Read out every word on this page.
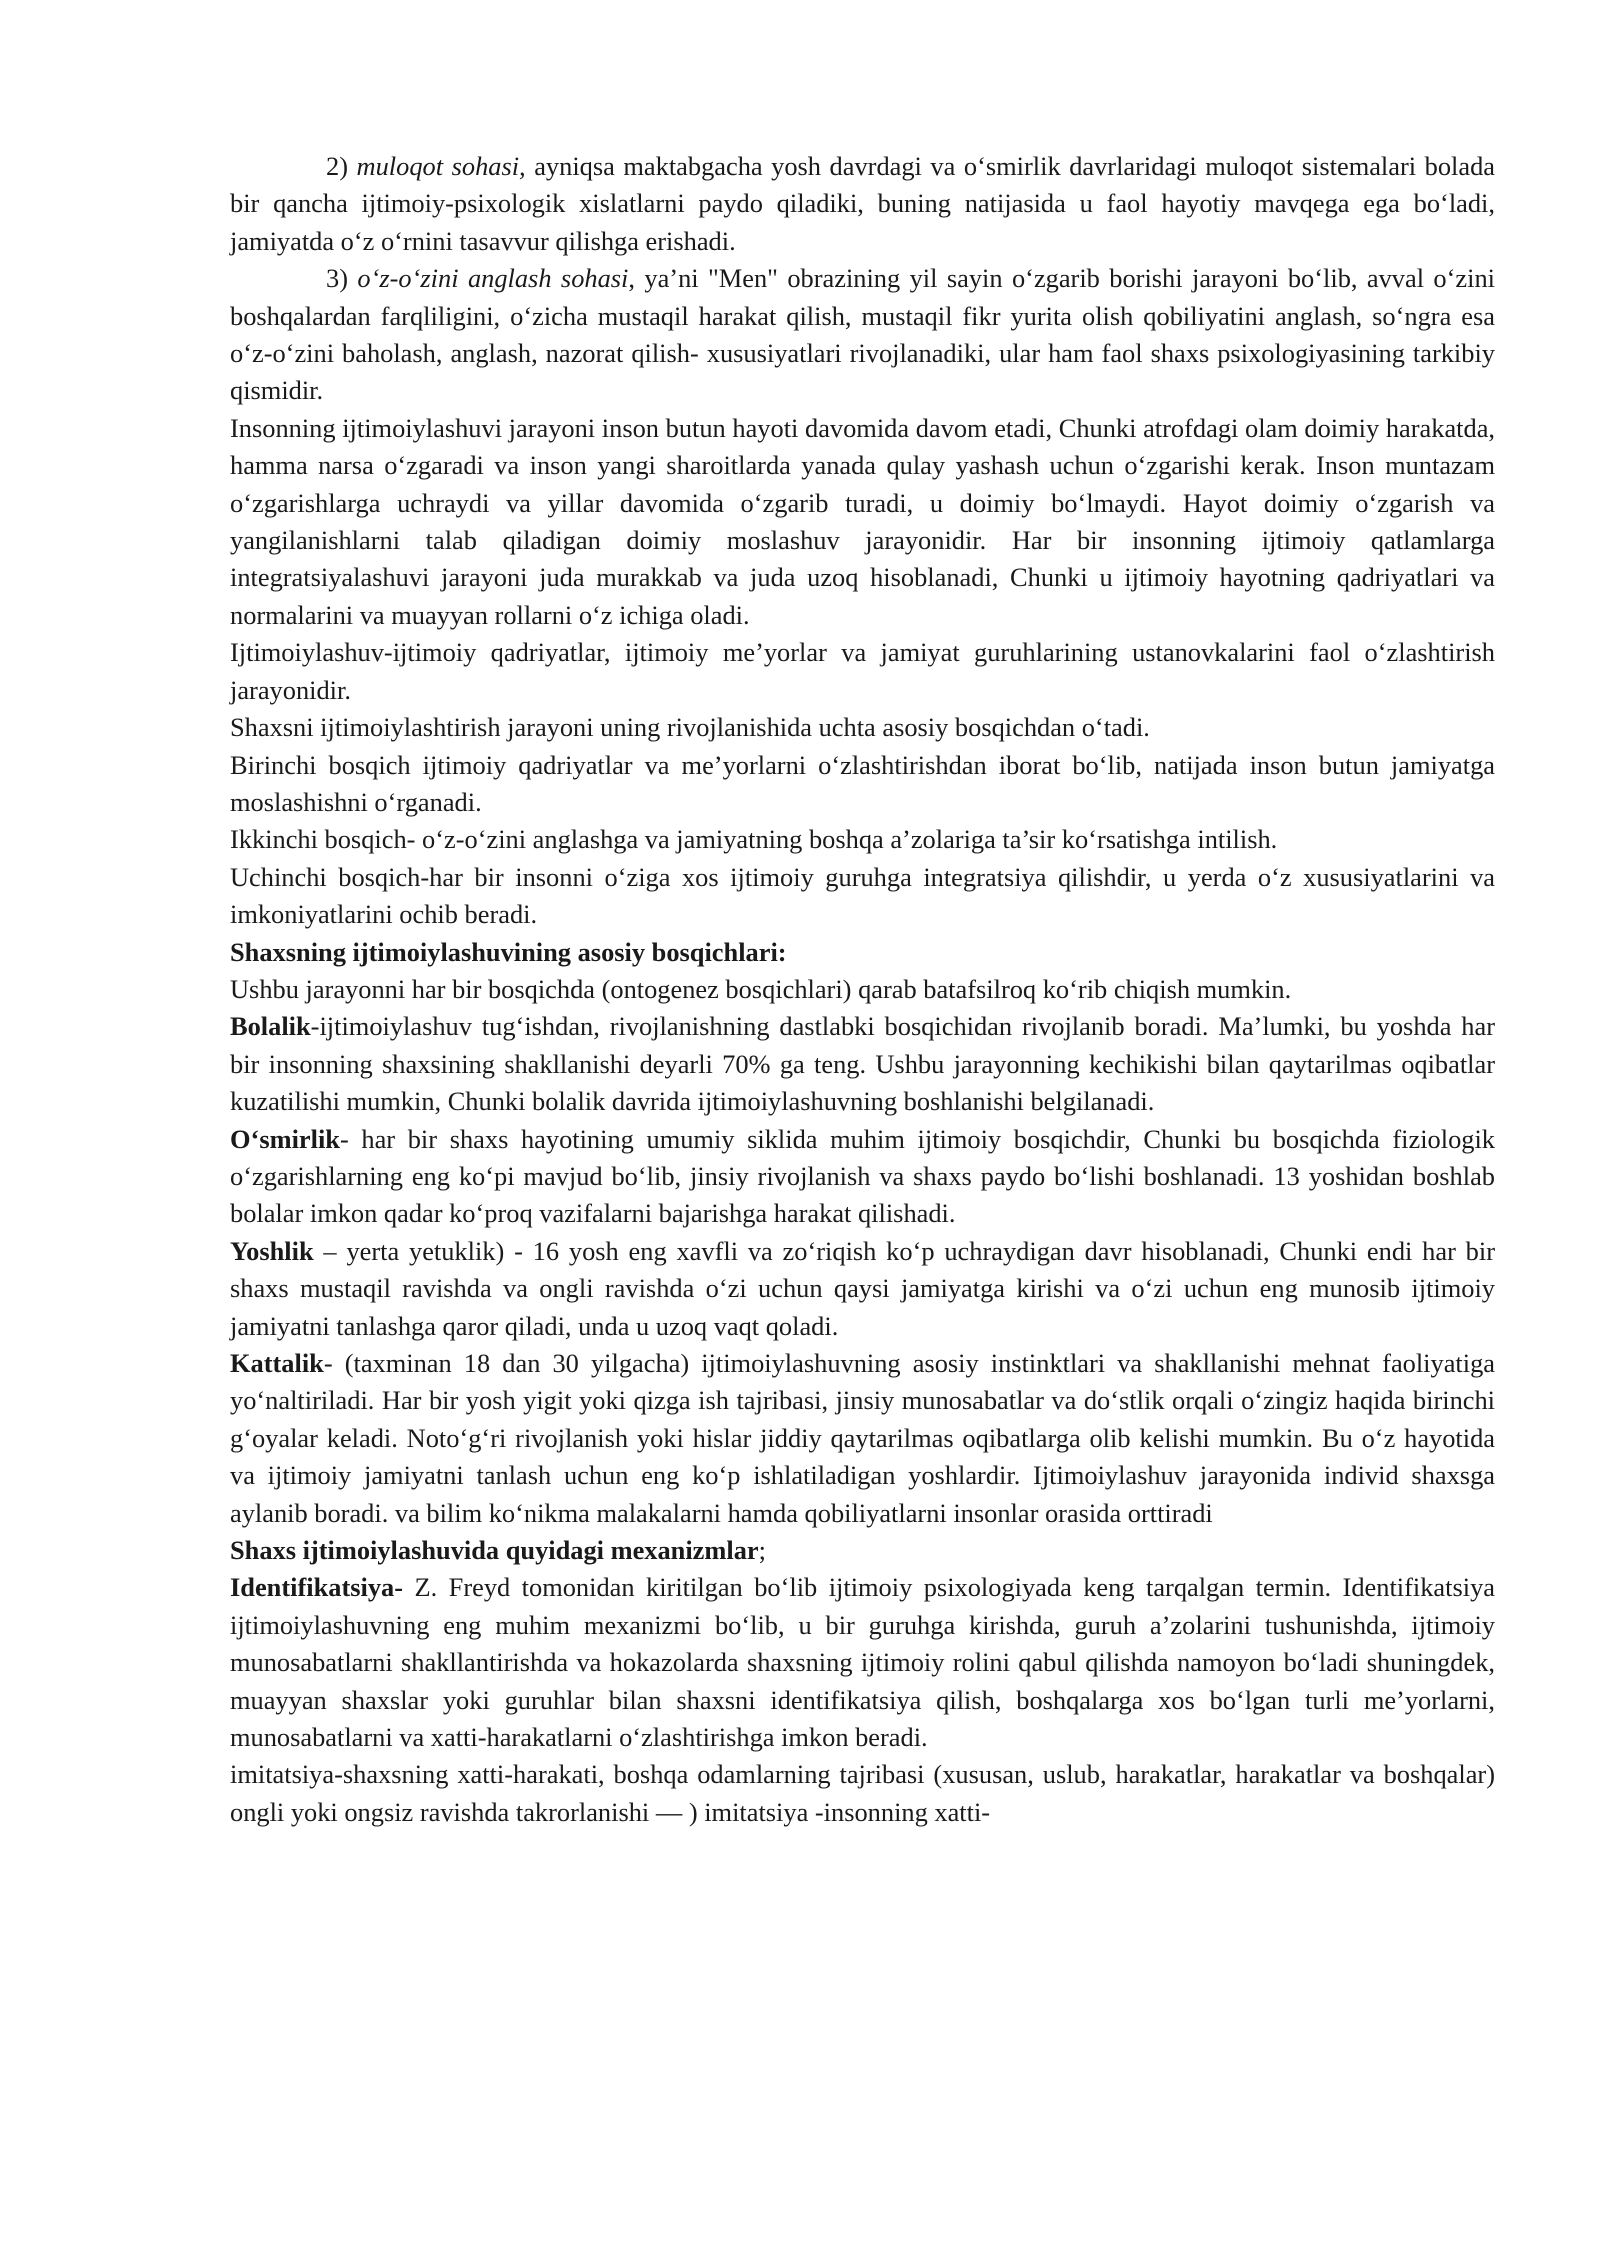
2) muloqot sohasi, ayniqsa maktabgacha yosh davrdagi va o‘smirlik davrlaridagi muloqot sistemalari bolada bir qancha ijtimoiy-psixologik xislatlarni paydo qiladiki, buning natijasida u faol hayotiy mavqega ega bo‘ladi, jamiyatda o‘z o‘rnini tasavvur qilishga erishadi.

3) o‘z-o‘zini anglash sohasi, ya’ni "Men" obrazining yil sayin o‘zgarib borishi jarayoni bo‘lib, avval o‘zini boshqalardan farqliligini, o‘zicha mustaqil harakat qilish, mustaqil fikr yurita olish qobiliyatini anglash, so‘ngra esa o‘z-o‘zini baholash, anglash, nazorat qilish- xususiyatlari rivojlanadiki, ular ham faol shaxs psixologiyasining tarkibiy qismidir.

Insonning ijtimoiylashuvi jarayoni inson butun hayoti davomida davom etadi, Chunki atrofdagi olam doimiy harakatda, hamma narsa o‘zgaradi va inson yangi sharoitlarda yanada qulay yashash uchun o‘zgarishi kerak. Inson muntazam o‘zgarishlarga uchraydi va yillar davomida o‘zgarib turadi, u doimiy bo‘lmaydi. Hayot doimiy o‘zgarish va yangilanishlarni talab qiladigan doimiy moslashuv jarayonidir. Har bir insonning ijtimoiy qatlamlarga integratsiyalashuvi jarayoni juda murakkab va juda uzoq hisoblanadi, Chunki u ijtimoiy hayotning qadriyatlari va normalarini va muayyan rollarni o‘z ichiga oladi.

Ijtimoiylashuv-ijtimoiy qadriyatlar, ijtimoiy me’yorlar va jamiyat guruhlarining ustanovkalarini faol o‘zlashtirish jarayonidir.

Shaxsni ijtimoiylashtirish jarayoni uning rivojlanishida uchta asosiy bosqichdan o‘tadi.

Birinchi bosqich ijtimoiy qadriyatlar va me’yorlarni o‘zlashtirishdan iborat bo‘lib, natijada inson butun jamiyatga moslashishni o‘rganadi.

Ikkinchi bosqich- o‘z-o‘zini anglashga va jamiyatning boshqa a’zolariga ta’sir ko‘rsatishga intilish.

Uchinchi bosqich-har bir insonni o‘ziga xos ijtimoiy guruhga integratsiya qilishdir, u yerda o‘z xususiyatlarini va imkoniyatlarini ochib beradi.

Shaxsning ijtimoiylashuvining asosiy bosqichlari:

Ushbu jarayonni har bir bosqichda (ontogenez bosqichlari) qarab batafsilroq ko‘rib chiqish mumkin.

Bolalik-ijtimoiylashuv tug‘ishdan, rivojlanishning dastlabki bosqichidan rivojlanib boradi. Ma’lumki, bu yoshda har bir insonning shaxsining shakllanishi deyarli 70% ga teng. Ushbu jarayonning kechikishi bilan qaytarilmas oqibatlar kuzatilishi mumkin, Chunki bolalik davrida ijtimoiylashuvning boshlanishi belgilanadi.

O‘smirlik- har bir shaxs hayotining umumiy siklida muhim ijtimoiy bosqichdir, Chunki bu bosqichda fiziologik o‘zgarishlarning eng ko‘pi mavjud bo‘lib, jinsiy rivojlanish va shaxs paydo bo‘lishi boshlanadi. 13 yoshidan boshlab bolalar imkon qadar ko‘proq vazifalarni bajarishga harakat qilishadi.

Yoshlik – yerta yetuklik) - 16 yosh eng xavfli va zo‘riqish ko‘p uchraydigan davr hisoblanadi, Chunki endi har bir shaxs mustaqil ravishda va ongli ravishda o‘zi uchun qaysi jamiyatga kirishi va o‘zi uchun eng munosib ijtimoiy jamiyatni tanlashga qaror qiladi, unda u uzoq vaqt qoladi.

Kattalik- (taxminan 18 dan 30 yilgacha) ijtimoiylashuvning asosiy instinktlari va shakllanishi mehnat faoliyatiga yo‘naltiriladi. Har bir yosh yigit yoki qizga ish tajribasi, jinsiy munosabatlar va do‘stlik orqali o‘zingiz haqida birinchi g‘oyalar keladi. Noto‘g‘ri rivojlanish yoki hislar jiddiy qaytarilmas oqibatlarga olib kelishi mumkin. Bu o‘z hayotida va ijtimoiy jamiyatni tanlash uchun eng ko‘p ishlatiladigan yoshlardir. Ijtimoiylashuv jarayonida individ shaxsga aylanib boradi. va bilim ko‘nikma malakalarni hamda qobiliyatlarni insonlar orasida orttiradi

Shaxs ijtimoiylashuvida quyidagi mexanizmlar;

Identifikatsiya- Z. Freyd tomonidan kiritilgan bo‘lib ijtimoiy psixologiyada keng tarqalgan termin. Identifikatsiya ijtimoiylashuvning eng muhim mexanizmi bo‘lib, u bir guruhga kirishda, guruh a’zolarini tushunishda, ijtimoiy munosabatlarni shakllantirishda va hokazolarda shaxsning ijtimoiy rolini qabul qilishda namoyon bo‘ladi shuningdek, muayyan shaxslar yoki guruhlar bilan shaxsni identifikatsiya qilish, boshqalarga xos bo‘lgan turli me’yorlarni, munosabatlarni va xatti-harakatlarni o‘zlashtirishga imkon beradi.

imitatsiya-shaxsning xatti-harakati, boshqa odamlarning tajribasi (xususan, uslub, harakatlar, harakatlar va boshqalar) ongli yoki ongsiz ravishda takrorlanishi — ) imitatsiya -insonning xatti-
